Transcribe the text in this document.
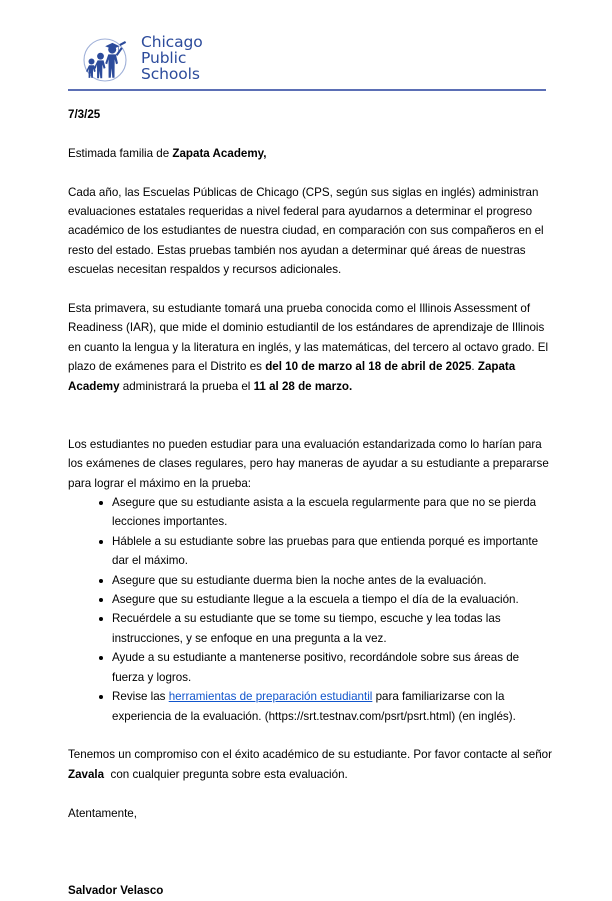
Chicago
Public
Schools

7/3/25

Estimada familia de Zapata Academy,

Cada año, las Escuelas Públicas de Chicago (CPS, según sus siglas en inglés) administran evaluaciones estatales requeridas a nivel federal para ayudarnos a determinar el progreso académico de los estudiantes de nuestra ciudad, en comparación con sus compañeros en el resto del estado. Estas pruebas también nos ayudan a determinar qué áreas de nuestras escuelas necesitan respaldos y recursos adicionales.

Esta primavera, su estudiante tomará una prueba conocida como el Illinois Assessment of Readiness (IAR), que mide el dominio estudiantil de los estándares de aprendizaje de Illinois en cuanto la lengua y la literatura en inglés, y las matemáticas, del tercero al octavo grado. El plazo de exámenes para el Distrito es del 10 de marzo al 18 de abril de 2025. Zapata Academy administrará la prueba el 11 al 28 de marzo.

Los estudiantes no pueden estudiar para una evaluación estandarizada como lo harían para los exámenes de clases regulares, pero hay maneras de ayudar a su estudiante a prepararse para lograr el máximo en la prueba:

Asegure que su estudiante asista a la escuela regularmente para que no se pierda lecciones importantes.
Háblele a su estudiante sobre las pruebas para que entienda porqué es importante dar el máximo.
Asegure que su estudiante duerma bien la noche antes de la evaluación.
Asegure que su estudiante llegue a la escuela a tiempo el día de la evaluación.
Recuérdele a su estudiante que se tome su tiempo, escuche y lea todas las instrucciones, y se enfoque en una pregunta a la vez.
Ayude a su estudiante a mantenerse positivo, recordándole sobre sus áreas de fuerza y logros.
Revise las herramientas de preparación estudiantil para familiarizarse con la experiencia de la evaluación. (https://srt.testnav.com/psrt/psrt.html) (en inglés).

Tenemos un compromiso con el éxito académico de su estudiante. Por favor contacte al señor Zavala  con cualquier pregunta sobre esta evaluación.

Atentamente,

Salvador Velasco
